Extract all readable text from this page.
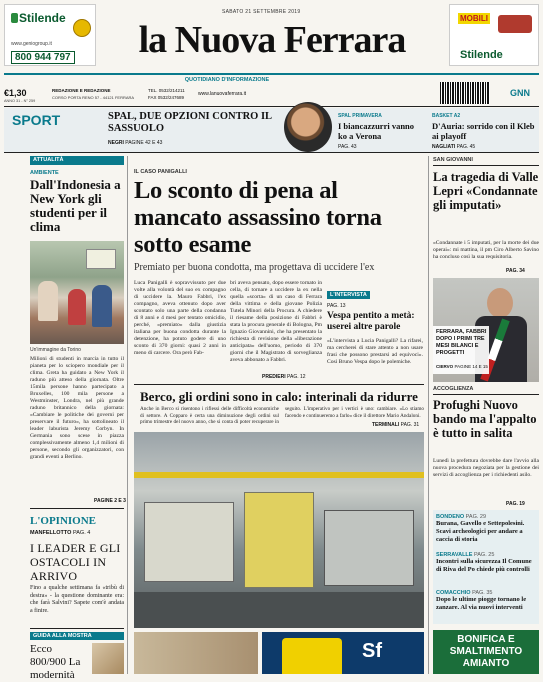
Stilende
www.geniogroup.it
800 944 797
SABATO 21 SETTEMBRE 2019
la Nuova Ferrara
MOBILI
Stilende
QUOTIDIANO D'INFORMAZIONE
€1,30
ANNO 31 - N° 259
REDAZIONE E REDAZIONE
CORSO PORTA RENO 57 - 44121 FERRARA
TEL. 0532/214211
FAX 0532/247689
www.lanuovaferrara.it	GNN
SPORT	SPAL, DUE OPZIONI CONTRO IL SASSUOLO
NEGRI PAGINE 42 E 43
SPAL PRIMAVERA
I biancazzurri vanno ko a Verona
PAG. 43
BASKET A2
D'Auria: sorrido con il Kleb ai playoff
NAGLIATI PAG. 45
ATTUALITÀ
AMBIENTE
Dall'Indonesia a New York gli studenti per il clima
Un'immagine da Torino
Milioni di studenti in marcia in tutto il pianeta per lo sciopero mondiale per il clima. Greta ha guidato a New York il raduno più atteso della giornata. Oltre 15mila persone hanno partecipato a Bruxelles, 100 mila persone a Westminster, Londra, nel più grande raduno britannico della giornata: «Cambiare le politiche dei governi per preservare il futuro», ha sottolineato il leader laburista Jeremy Corbyn. In Germania sono scese in piazza complessivamente almeno 1,4 milioni di persone, secondo gli organizzatori, con grandi eventi a Berlino.
PAGINE 2 E 3
L'OPINIONE
MANFELLOTTO PAG. 4
I LEADER E GLI OSTACOLI IN ARRIVO
Fino a qualche settimana fa «tribù di destra» - la questione dominante era: che farà Salvini? Sapete com'è andata a finire.
GUIDA ALLA MOSTRA
Ecco 800/900 La modernità
IL CASO PANIGALLI
Lo sconto di pena al mancato assassino torna sotto esame
Premiato per buona condotta, ma progettava di uccidere l'ex
Luca Panigalli è sopravvissuto per due volte alla volontà del suo ex compagno di uccidere la. Mauro Fabbri, l'ex compagno, aveva ottenuto dopo aver scontato solo una parte della condanna di 8 anni e 4 mesi per tentato omicidio, perché, «premiato» dalla giustizia italiana per buona condotta durante la detenzione, ha potuto godere di uno sconto di 370 giorni: quasi 2 anni in meno di carcere. Ora però Fab-
bri aveva pensato, dopo essere tornato in cella, di tornare a uccidere la ex nella quella «scorta» di un caso di Ferrara della vittima e della giovane Polizia Tutela Minori della Procura. A chiedere il riesame della posizione di Fabbri è stata la procura generale di Bologna, Pm Ignazio Giovannini, che ha presentato la richiesta di revisione della «liberazione anticipata» dell'uomo, periodo di 370 giorni che il Magistrato di sorveglianza aveva abbonato a Fabbri.
PREDIERI PAG. 12
L'INTERVISTA
PAG. 13
Vespa pentito a metà: userei altre parole
«L'intervista a Lucia Panigalli? La rifarei, ma cercherei di stare attento a non usare frasi che possono prestarsi ad equivoci». Così Bruno Vespa dopo le polemiche.
Berco, gli ordini sono in calo: interinali da ridurre
Anche in Berco si risentono i riflessi delle difficoltà economiche di settore. A Copparo è certa una diminuzione degli ordini sul primo trimestre del nuovo anno, che si conta di poter recuperare in seguito. L'imperativo per i vertici è uno: cambiare. «Lo stiamo facendo e continueremo a farlo» dice il direttore Mario Andaloni.
TERMINALI PAG. 31
SAN GIOVANNI
La tragedia di Valle Lepri «Condannate gli imputati»
«Condannate i 5 imputati, per la morte dei due operai»: mi mattina, il pm Ciro Alberto Savino ha concluso così la sua requisitoria.
PAG. 34
FERRARA, FABBRI DOPO I PRIMI TRE MESI BILANCI E PROGETTI
CIERVO PAGINE 14 E 15
ACCOGLIENZA
Profughi Nuovo bando ma l'appalto è tutto in salita
Lunedì la prefettura dovrebbe dare l'avvio alla nuova procedura negoziata per la gestione dei servizi di accoglienza per i richiedenti asilo.
PAG. 19
BONDENO PAG. 29
Burana, Gavello e Settepolesini. Scavi archeologici per andare a caccia di storia
SERRAVALLE PAG. 25
Incontri sulla sicurezza Il Comune di Riva del Po chiede più controlli
COMACCHIO PAG. 35
Dopo le ultime piogge tornano le zanzare. Al via nuovi interventi
BONIFICA E
SMALTIMENTO
AMIANTO
Sf
